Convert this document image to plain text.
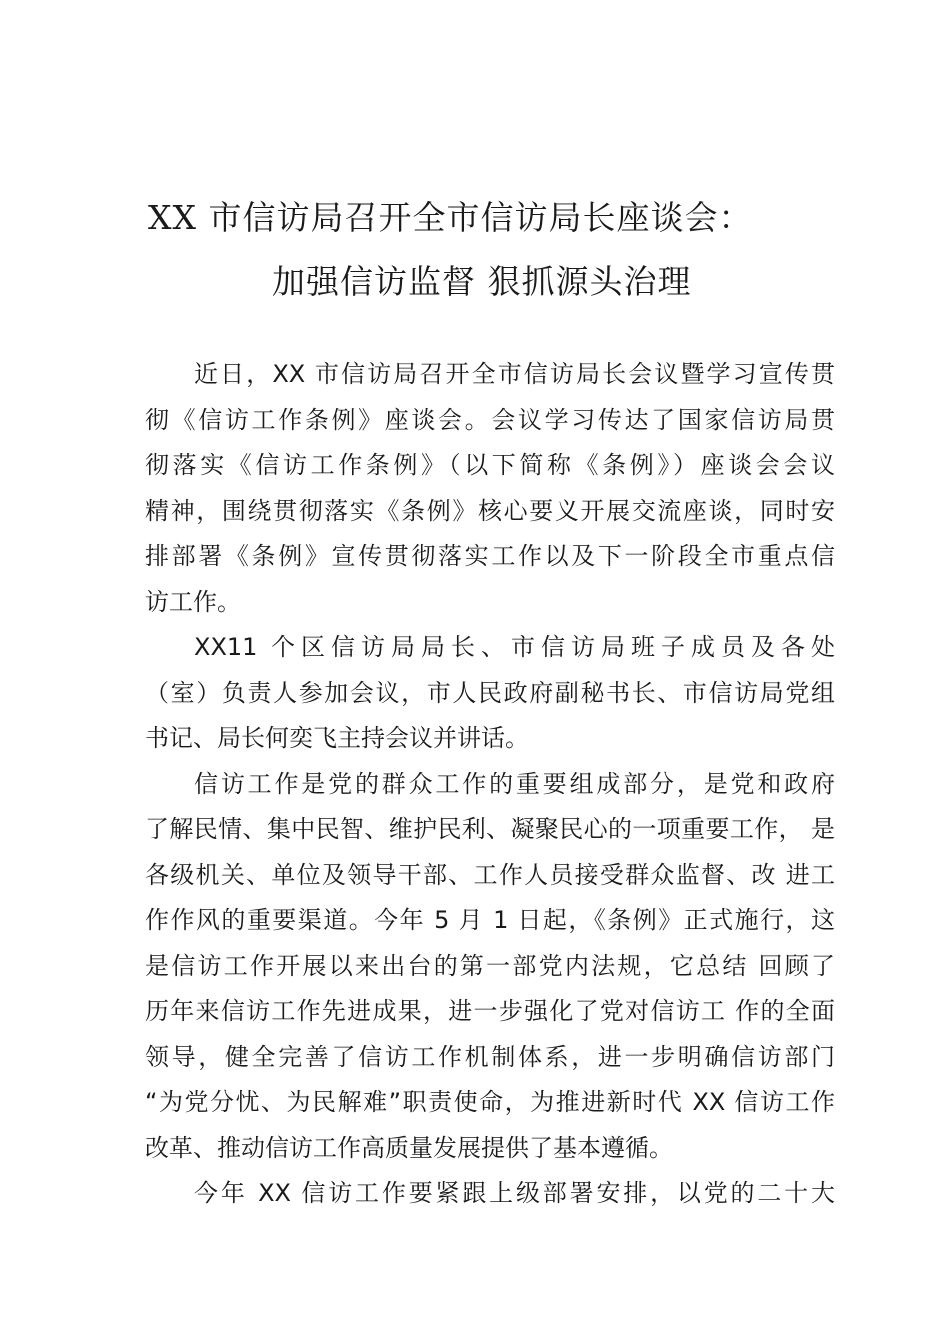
XX 市信访局召开全市信访局长座谈会：
加强信访监督 狠抓源头治理
近日，XX 市信访局召开全市信访局长会议暨学习宣传贯
彻《信访工作条例》座谈会。会议学习传达了国家信访局贯
彻落实《信访工作条例》（以下简称《条例》）座谈会会议
精神，围绕贯彻落实《条例》核心要义开展交流座谈，同时安
排部署《条例》宣传贯彻落实工作以及下一阶段全市重点信
访工作。
XX11 个区信访局局长、市信访局班子成员及各处
（室）负责人参加会议，市人民政府副秘书长、市信访局党组
书记、局长何奕飞主持会议并讲话。
信访工作是党的群众工作的重要组成部分，是党和政府
了解民情、集中民智、维护民利、凝聚民心的一项重要工作， 是
各级机关、单位及领导干部、工作人员接受群众监督、改 进工
作作风的重要渠道。今年 5 月 1 日起，《条例》正式施行，这
是信访工作开展以来出台的第一部党内法规，它总结 回顾了
历年来信访工作先进成果，进一步强化了党对信访工 作的全面
领导，健全完善了信访工作机制体系，进一步明确信访部门
“为党分忧、为民解难”职责使命，为推进新时代 XX 信访工作
改革、推动信访工作高质量发展提供了基本遵循。
今年 XX 信访工作要紧跟上级部署安排，以党的二十大
